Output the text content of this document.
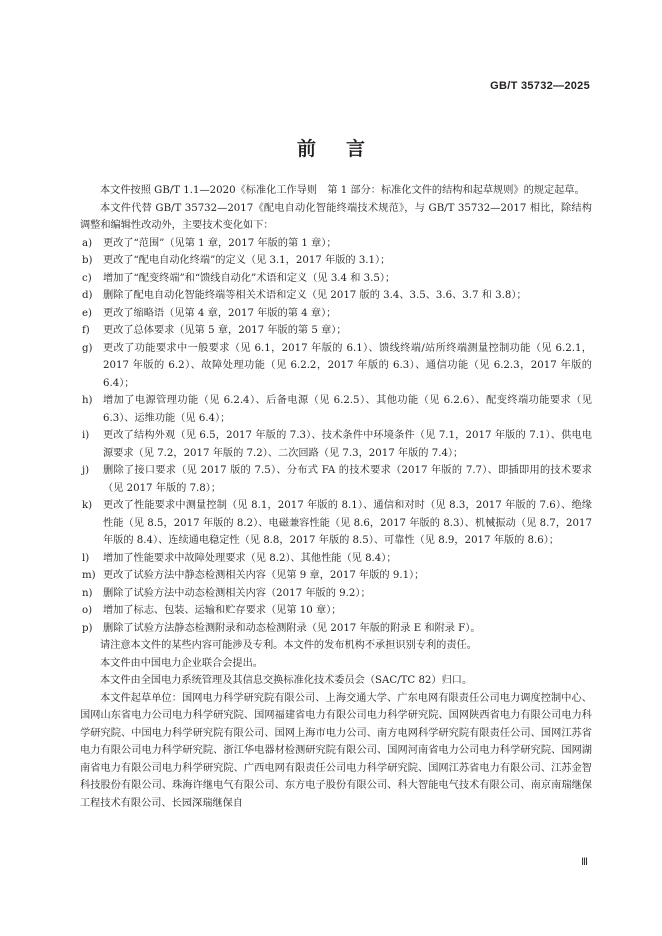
GB/T 35732—2025
前言

本文件按照 GB/T 1.1—2020《标准化工作导则　第 1 部分：标准化文件的结构和起草规则》的规定起草。

本文件代替 GB/T 35732—2017《配电自动化智能终端技术规范》，与 GB/T 35732—2017 相比，除结构调整和编辑性改动外，主要技术变化如下：

a) 更改了“范围”（见第 1 章，2017 年版的第 1 章）；
b) 更改了“配电自动化终端”的定义（见 3.1，2017 年版的 3.1）；
c) 增加了“配变终端”和“馈线自动化”术语和定义（见 3.4 和 3.5）；
d) 删除了配电自动化智能终端等相关术语和定义（见 2017 版的 3.4、3.5、3.6、3.7 和 3.8）；
e) 更改了缩略语（见第 4 章，2017 年版的第 4 章）；
f) 更改了总体要求（见第 5 章，2017 年版的第 5 章）；
g) 更改了功能要求中一般要求（见 6.1，2017 年版的 6.1）、馈线终端/站所终端测量控制功能（见 6.2.1，2017 年版的 6.2）、故障处理功能（见 6.2.2，2017 年版的 6.3）、通信功能（见 6.2.3，2017 年版的 6.4）；
h) 增加了电源管理功能（见 6.2.4）、后备电源（见 6.2.5）、其他功能（见 6.2.6）、配变终端功能要求（见 6.3）、运维功能（见 6.4）；
i) 更改了结构外观（见 6.5，2017 年版的 7.3）、技术条件中环境条件（见 7.1，2017 年版的 7.1）、供电电源要求（见 7.2，2017 年版的 7.2）、二次回路（见 7.3，2017 年版的 7.4）；
j) 删除了接口要求（见 2017 版的 7.5）、分布式 FA 的技术要求（2017 年版的 7.7）、即插即用的技术要求（见 2017 年版的 7.8）；
k) 更改了性能要求中测量控制（见 8.1，2017 年版的 8.1）、通信和对时（见 8.3，2017 年版的 7.6）、绝缘性能（见 8.5，2017 年版的 8.2）、电磁兼容性能（见 8.6，2017 年版的 8.3）、机械振动（见 8.7，2017 年版的 8.4）、连续通电稳定性（见 8.8，2017 年版的 8.5）、可靠性（见 8.9，2017 年版的 8.6）；
l) 增加了性能要求中故障处理要求（见 8.2）、其他性能（见 8.4）；
m) 更改了试验方法中静态检测相关内容（见第 9 章，2017 年版的 9.1）；
n) 删除了试验方法中动态检测相关内容（2017 年版的 9.2）；
o) 增加了标志、包装、运输和贮存要求（见第 10 章）；
p) 删除了试验方法静态检测附录和动态检测附录（见 2017 年版的附录 E 和附录 F）。

请注意本文件的某些内容可能涉及专利。本文件的发布机构不承担识别专利的责任。

本文件由中国电力企业联合会提出。

本文件由全国电力系统管理及其信息交换标准化技术委员会（SAC/TC 82）归口。

本文件起草单位：国网电力科学研究院有限公司、上海交通大学、广东电网有限责任公司电力调度控制中心、国网山东省电力公司电力科学研究院、国网福建省电力有限公司电力科学研究院、国网陕西省电力有限公司电力科学研究院、中国电力科学研究院有限公司、国网上海市电力公司、南方电网科学研究院有限责任公司、国网江苏省电力有限公司电力科学研究院、浙江华电器材检测研究院有限公司、国网河南省电力公司电力科学研究院、国网湖南省电力有限公司电力科学研究院、广西电网有限责任公司电力科学研究院、国网江苏省电力有限公司、江苏金智科技股份有限公司、珠海许继电气有限公司、东方电子股份有限公司、科大智能电气技术有限公司、南京南瑞继保工程技术有限公司、长园深瑞继保自

Ⅲ
